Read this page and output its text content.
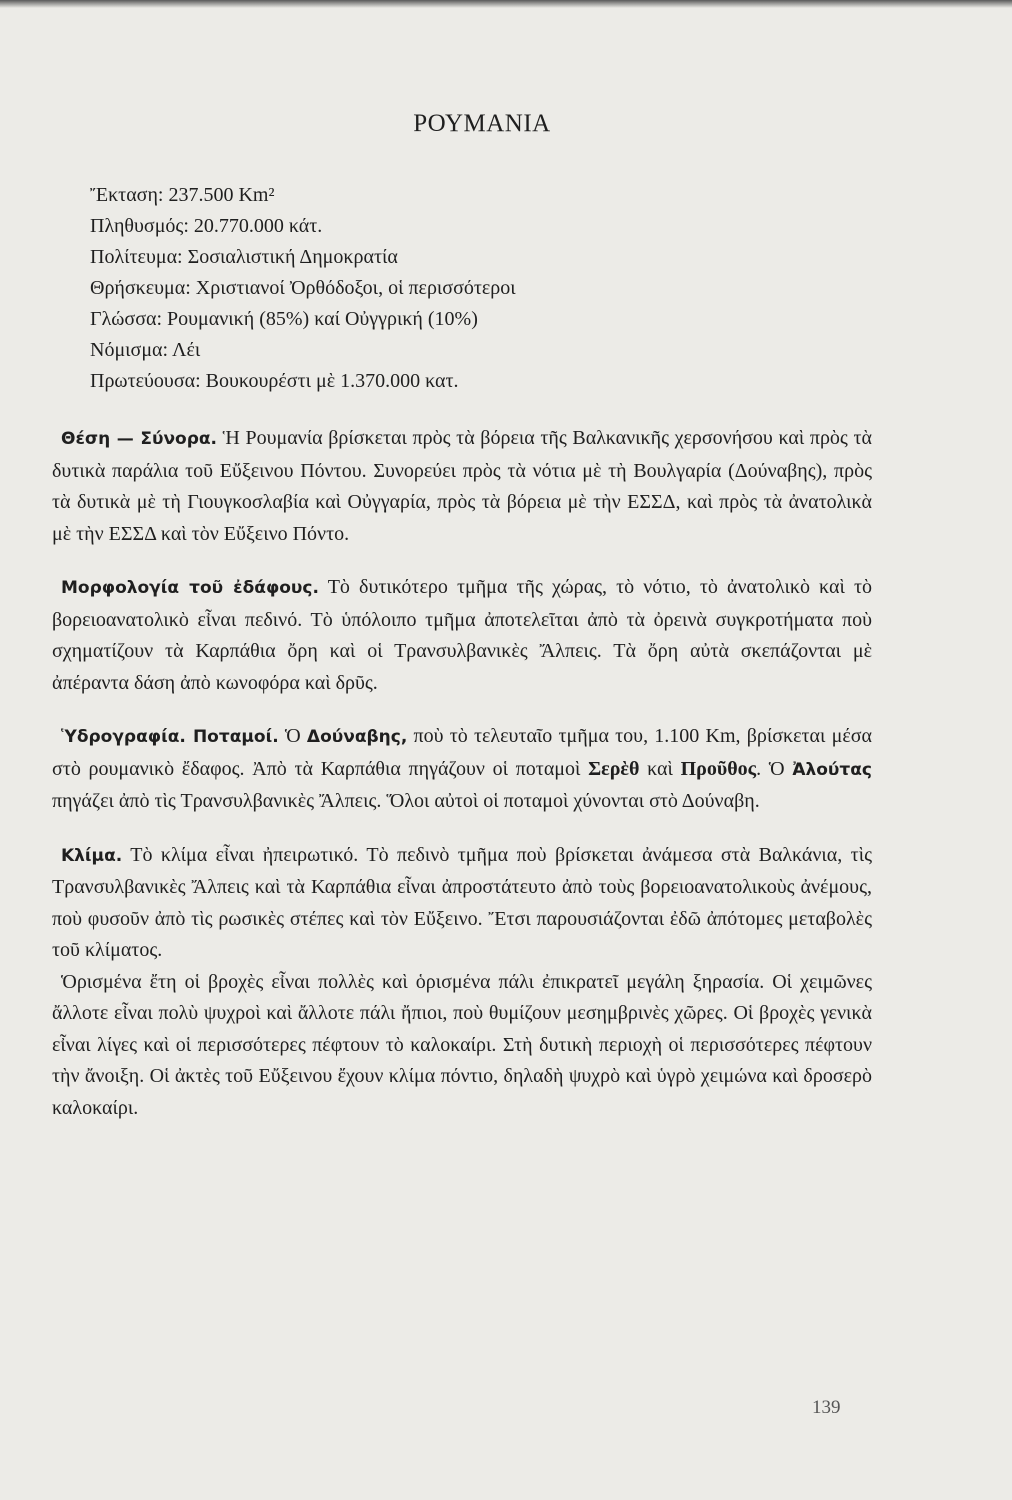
ΡΟΥΜΑΝΙΑ
Ἔκταση: 237.500 Km²
Πληθυσμός: 20.770.000 κάτ.
Πολίτευμα: Σοσιαλιστική Δημοκρατία
Θρήσκευμα: Χριστιανοί Ὀρθόδοξοι, οἱ περισσότεροι
Γλώσσα: Ρουμανική (85%) καί Οὐγγρική (10%)
Νόμισμα: Λέι
Πρωτεύουσα: Βουκουρέστι μὲ 1.370.000 κατ.

Θέση — Σύνορα. Ἡ Ρουμανία βρίσκεται πρὸς τὰ βόρεια τῆς Βαλκανικῆς χερσονήσου καὶ πρὸς τὰ δυτικὰ παράλια τοῦ Εὔξεινου Πόντου. Συνορεύει πρὸς τὰ νότια μὲ τὴ Βουλγαρία (Δούναβης), πρὸς τὰ δυτικὰ μὲ τὴ Γιουγκοσλαβία καὶ Οὐγγαρία, πρὸς τὰ βόρεια μὲ τὴν ΕΣΣΔ, καὶ πρὸς τὰ ἀνατολικὰ μὲ τὴν ΕΣΣΔ καὶ τὸν Εὔξεινο Πόντο.

Μορφολογία τοῦ ἐδάφους. Τὸ δυτικότερο τμῆμα τῆς χώρας, τὸ νότιο, τὸ ἀνατολικὸ καὶ τὸ βορειοανατολικὸ εἶναι πεδινό. Τὸ ὑπόλοιπο τμῆμα ἀποτελεῖται ἀπὸ τὰ ὀρεινὰ συγκροτήματα ποὺ σχηματίζουν τὰ Καρπάθια ὄρη καὶ οἱ Τρανσυλβανικὲς Ἄλπεις. Τὰ ὄρη αὐτὰ σκεπάζονται μὲ ἀπέραντα δάση ἀπὸ κωνοφόρα καὶ δρῦς.

Ὑδρογραφία. Ποταμοί. Ὁ Δούναβης, ποὺ τὸ τελευταῖο τμῆμα του, 1.100 Km, βρίσκεται μέσα στὸ ρουμανικὸ ἔδαφος. Ἀπὸ τὰ Καρπάθια πηγάζουν οἱ ποταμοὶ Σερὲθ καὶ Προῦθος. Ὁ Ἀλούτας πηγάζει ἀπὸ τὶς Τρανσυλβανικὲς Ἄλπεις. Ὅλοι αὐτοὶ οἱ ποταμοὶ χύνονται στὸ Δούναβη.

Κλίμα. Τὸ κλίμα εἶναι ἠπειρωτικό. Τὸ πεδινὸ τμῆμα ποὺ βρίσκεται ἀνάμεσα στὰ Βαλκάνια, τὶς Τρανσυλβανικὲς Ἄλπεις καὶ τὰ Καρπάθια εἶναι ἀπροστάτευτο ἀπὸ τοὺς βορειοανατολικοὺς ἀνέμους, ποὺ φυσοῦν ἀπὸ τὶς ρωσικὲς στέπες καὶ τὸν Εὔξεινο. Ἔτσι παρουσιάζονται ἐδῶ ἀπότομες μεταβολὲς τοῦ κλίματος.

Ὁρισμένα ἔτη οἱ βροχὲς εἶναι πολλὲς καὶ ὁρισμένα πάλι ἐπικρατεῖ μεγάλη ξηρασία. Οἱ χειμῶνες ἄλλοτε εἶναι πολὺ ψυχροὶ καὶ ἄλλοτε πάλι ἤπιοι, ποὺ θυμίζουν μεσημβρινὲς χῶρες. Οἱ βροχὲς γενικὰ εἶναι λίγες καὶ οἱ περισσότερες πέφτουν τὸ καλοκαίρι. Στὴ δυτικὴ περιοχὴ οἱ περισσότερες πέφτουν τὴν ἄνοιξη. Οἱ ἀκτὲς τοῦ Εὔξεινου ἔχουν κλίμα πόντιο, δηλαδὴ ψυχρὸ καὶ ὑγρὸ χειμώνα καὶ δροσερὸ καλοκαίρι.

139
